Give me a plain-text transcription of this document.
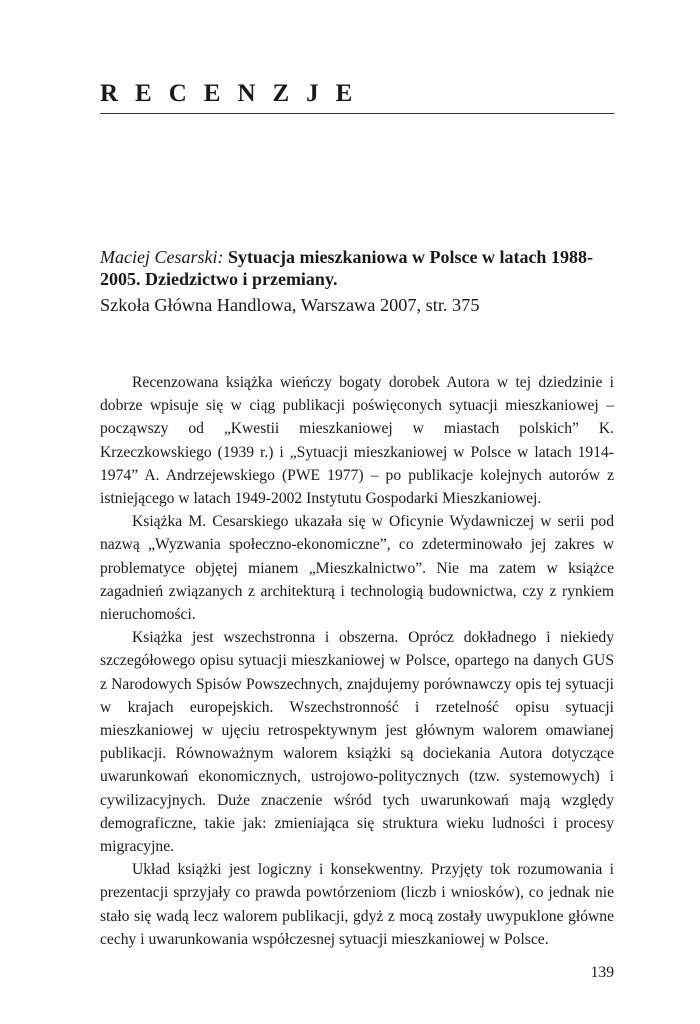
RECENZJE
Maciej Cesarski: Sytuacja mieszkaniowa w Polsce w latach 1988-2005. Dziedzictwo i przemiany.
Szkoła Główna Handlowa, Warszawa 2007, str. 375

Recenzowana książka wieńczy bogaty dorobek Autora w tej dziedzinie i dobrze wpisuje się w ciąg publikacji poświęconych sytuacji mieszkaniowej – począwszy od „Kwestii mieszkaniowej w miastach polskich” K. Krzeczkowskiego (1939 r.) i „Sytuacji mieszkaniowej w Polsce w latach 1914-1974” A. Andrzejewskiego (PWE 1977) – po publikacje kolejnych autorów z istniejącego w latach 1949-2002 Instytutu Gospodarki Mieszkaniowej.

Książka M. Cesarskiego ukazała się w Oficynie Wydawniczej w serii pod nazwą „Wyzwania społeczno-ekonomiczne”, co zdeterminowało jej zakres w problematyce objętej mianem „Mieszkalnictwo”. Nie ma zatem w książce zagadnień związanych z architekturą i technologią budownictwa, czy z rynkiem nieruchomości.

Książka jest wszechstronna i obszerna. Oprócz dokładnego i niekiedy szczegółowego opisu sytuacji mieszkaniowej w Polsce, opartego na danych GUS z Narodowych Spisów Powszechnych, znajdujemy porównawczy opis tej sytuacji w krajach europejskich. Wszechstronność i rzetelność opisu sytuacji mieszkaniowej w ujęciu retrospektywnym jest głównym walorem omawianej publikacji. Równoważnym walorem książki są dociekania Autora dotyczące uwarunkowań ekonomicznych, ustrojowo-politycznych (tzw. systemowych) i cywilizacyjnych. Duże znaczenie wśród tych uwarunkowań mają względy demograficzne, takie jak: zmieniająca się struktura wieku ludności i procesy migracyjne.

Układ książki jest logiczny i konsekwentny. Przyjęty tok rozumowania i prezentacji sprzyjały co prawda powtórzeniom (liczb i wniosków), co jednak nie stało się wadą lecz walorem publikacji, gdyż z mocą zostały uwypuklone główne cechy i uwarunkowania współczesnej sytuacji mieszkaniowej w Polsce.

139
